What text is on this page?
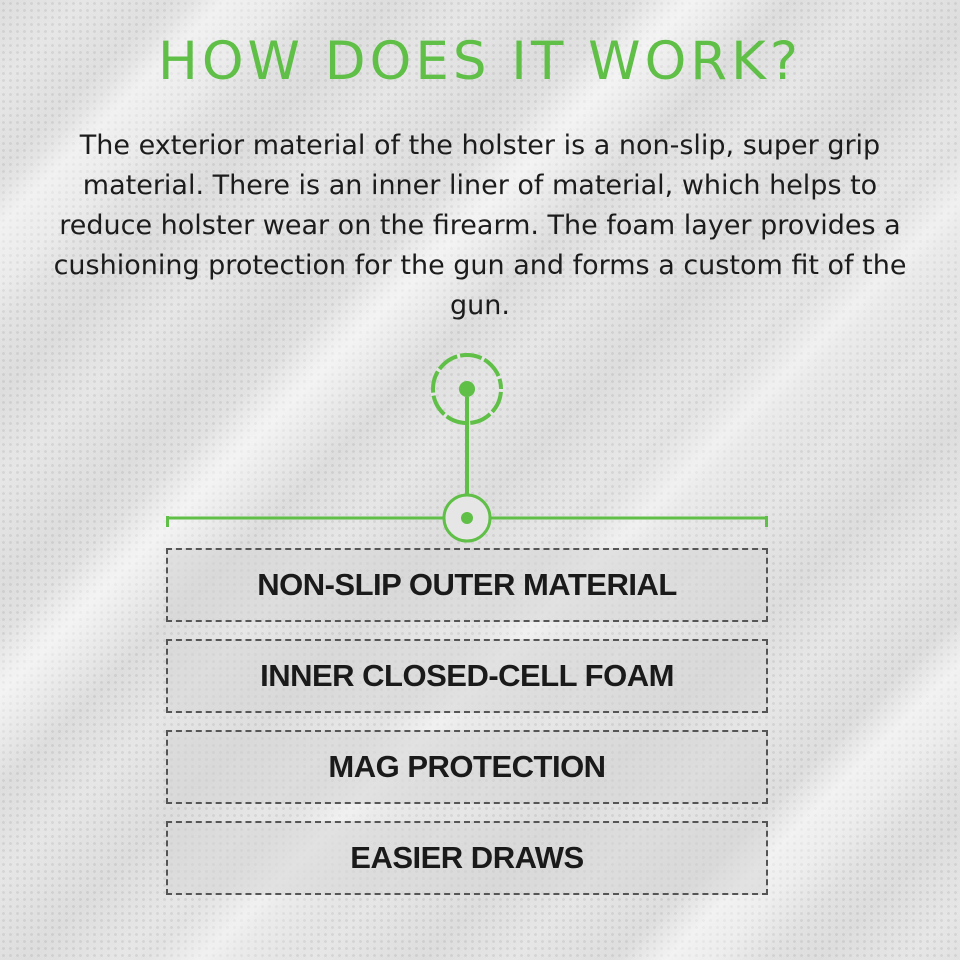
HOW DOES IT WORK?

The exterior material of the holster is a non-slip, super grip material. There is an inner liner of material, which helps to reduce holster wear on the firearm. The foam layer provides a cushioning protection for the gun and forms a custom fit of the gun.

NON-SLIP OUTER MATERIAL
INNER CLOSED-CELL FOAM
MAG PROTECTION
EASIER DRAWS
